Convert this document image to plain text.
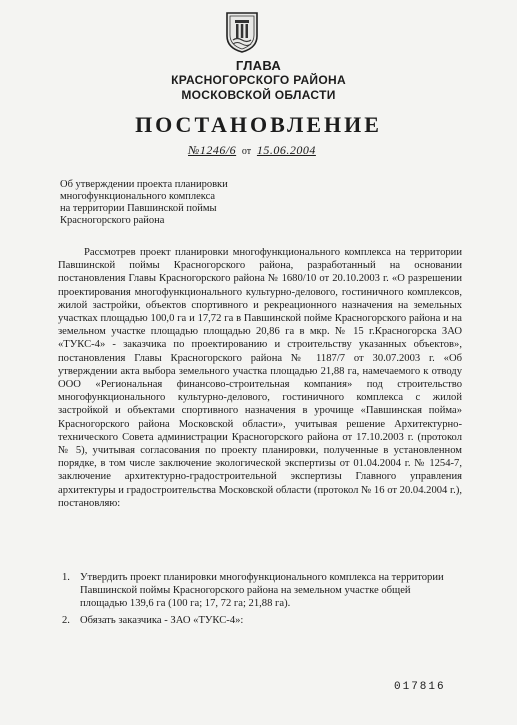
ГЛАВА
КРАСНОГОРСКОГО РАЙОНА
МОСКОВСКОЙ ОБЛАСТИ
ПОСТАНОВЛЕНИЕ
№1246/6 от 15.06.2004
Об утверждении проекта планировки
многофункционального комплекса
на территории Павшинской поймы
Красногорского района
Рассмотрев проект планировки многофункционального комплекса на территории Павшинской поймы Красногорского района, разработанный на основании постановления Главы Красногорского района № 1680/10 от 20.10.2003 г. «О разрешении проектирования многофункционального культурно-делового, гостиничного комплексов, жилой застройки, объектов спортивного и рекреационного назначения на земельных участках площадью 100,0 га и 17,72 га в Павшинской пойме Красногорского района и на земельном участке площадью площадью 20,86 га в мкр. № 15 г.Красногорска ЗАО «ТУКС-4» - заказчика по проектированию и строительству указанных объектов», постановления Главы Красногорского района № 1187/7 от 30.07.2003 г. «Об утверждении акта выбора земельного участка площадью 21,88 га, намечаемого к отводу ООО «Региональная финансово-строительная компания» под строительство многофункционального культурно-делового, гостиничного комплекса с жилой застройкой и объектами спортивного назначения в урочище «Павшинская пойма» Красногорского района Московской области», учитывая решение Архитектурно-технического Совета администрации Красногорского района от 17.10.2003 г. (протокол № 5), учитывая согласования по проекту планировки, полученные в установленном порядке, в том числе заключение экологической экспертизы от 01.04.2004 г. № 1254-7, заключение архитектурно-градостроительной экспертизы Главного управления архитектуры и градостроительства Московской области (протокол № 16 от 20.04.2004 г.), постановляю:
1. Утвердить проект планировки многофункционального комплекса на территории Павшинской поймы Красногорского района на земельном участке общей площадью 139,6 га (100 га; 17, 72 га; 21,88 га).
2. Обязать заказчика - ЗАО «ТУКС-4»:
017816
